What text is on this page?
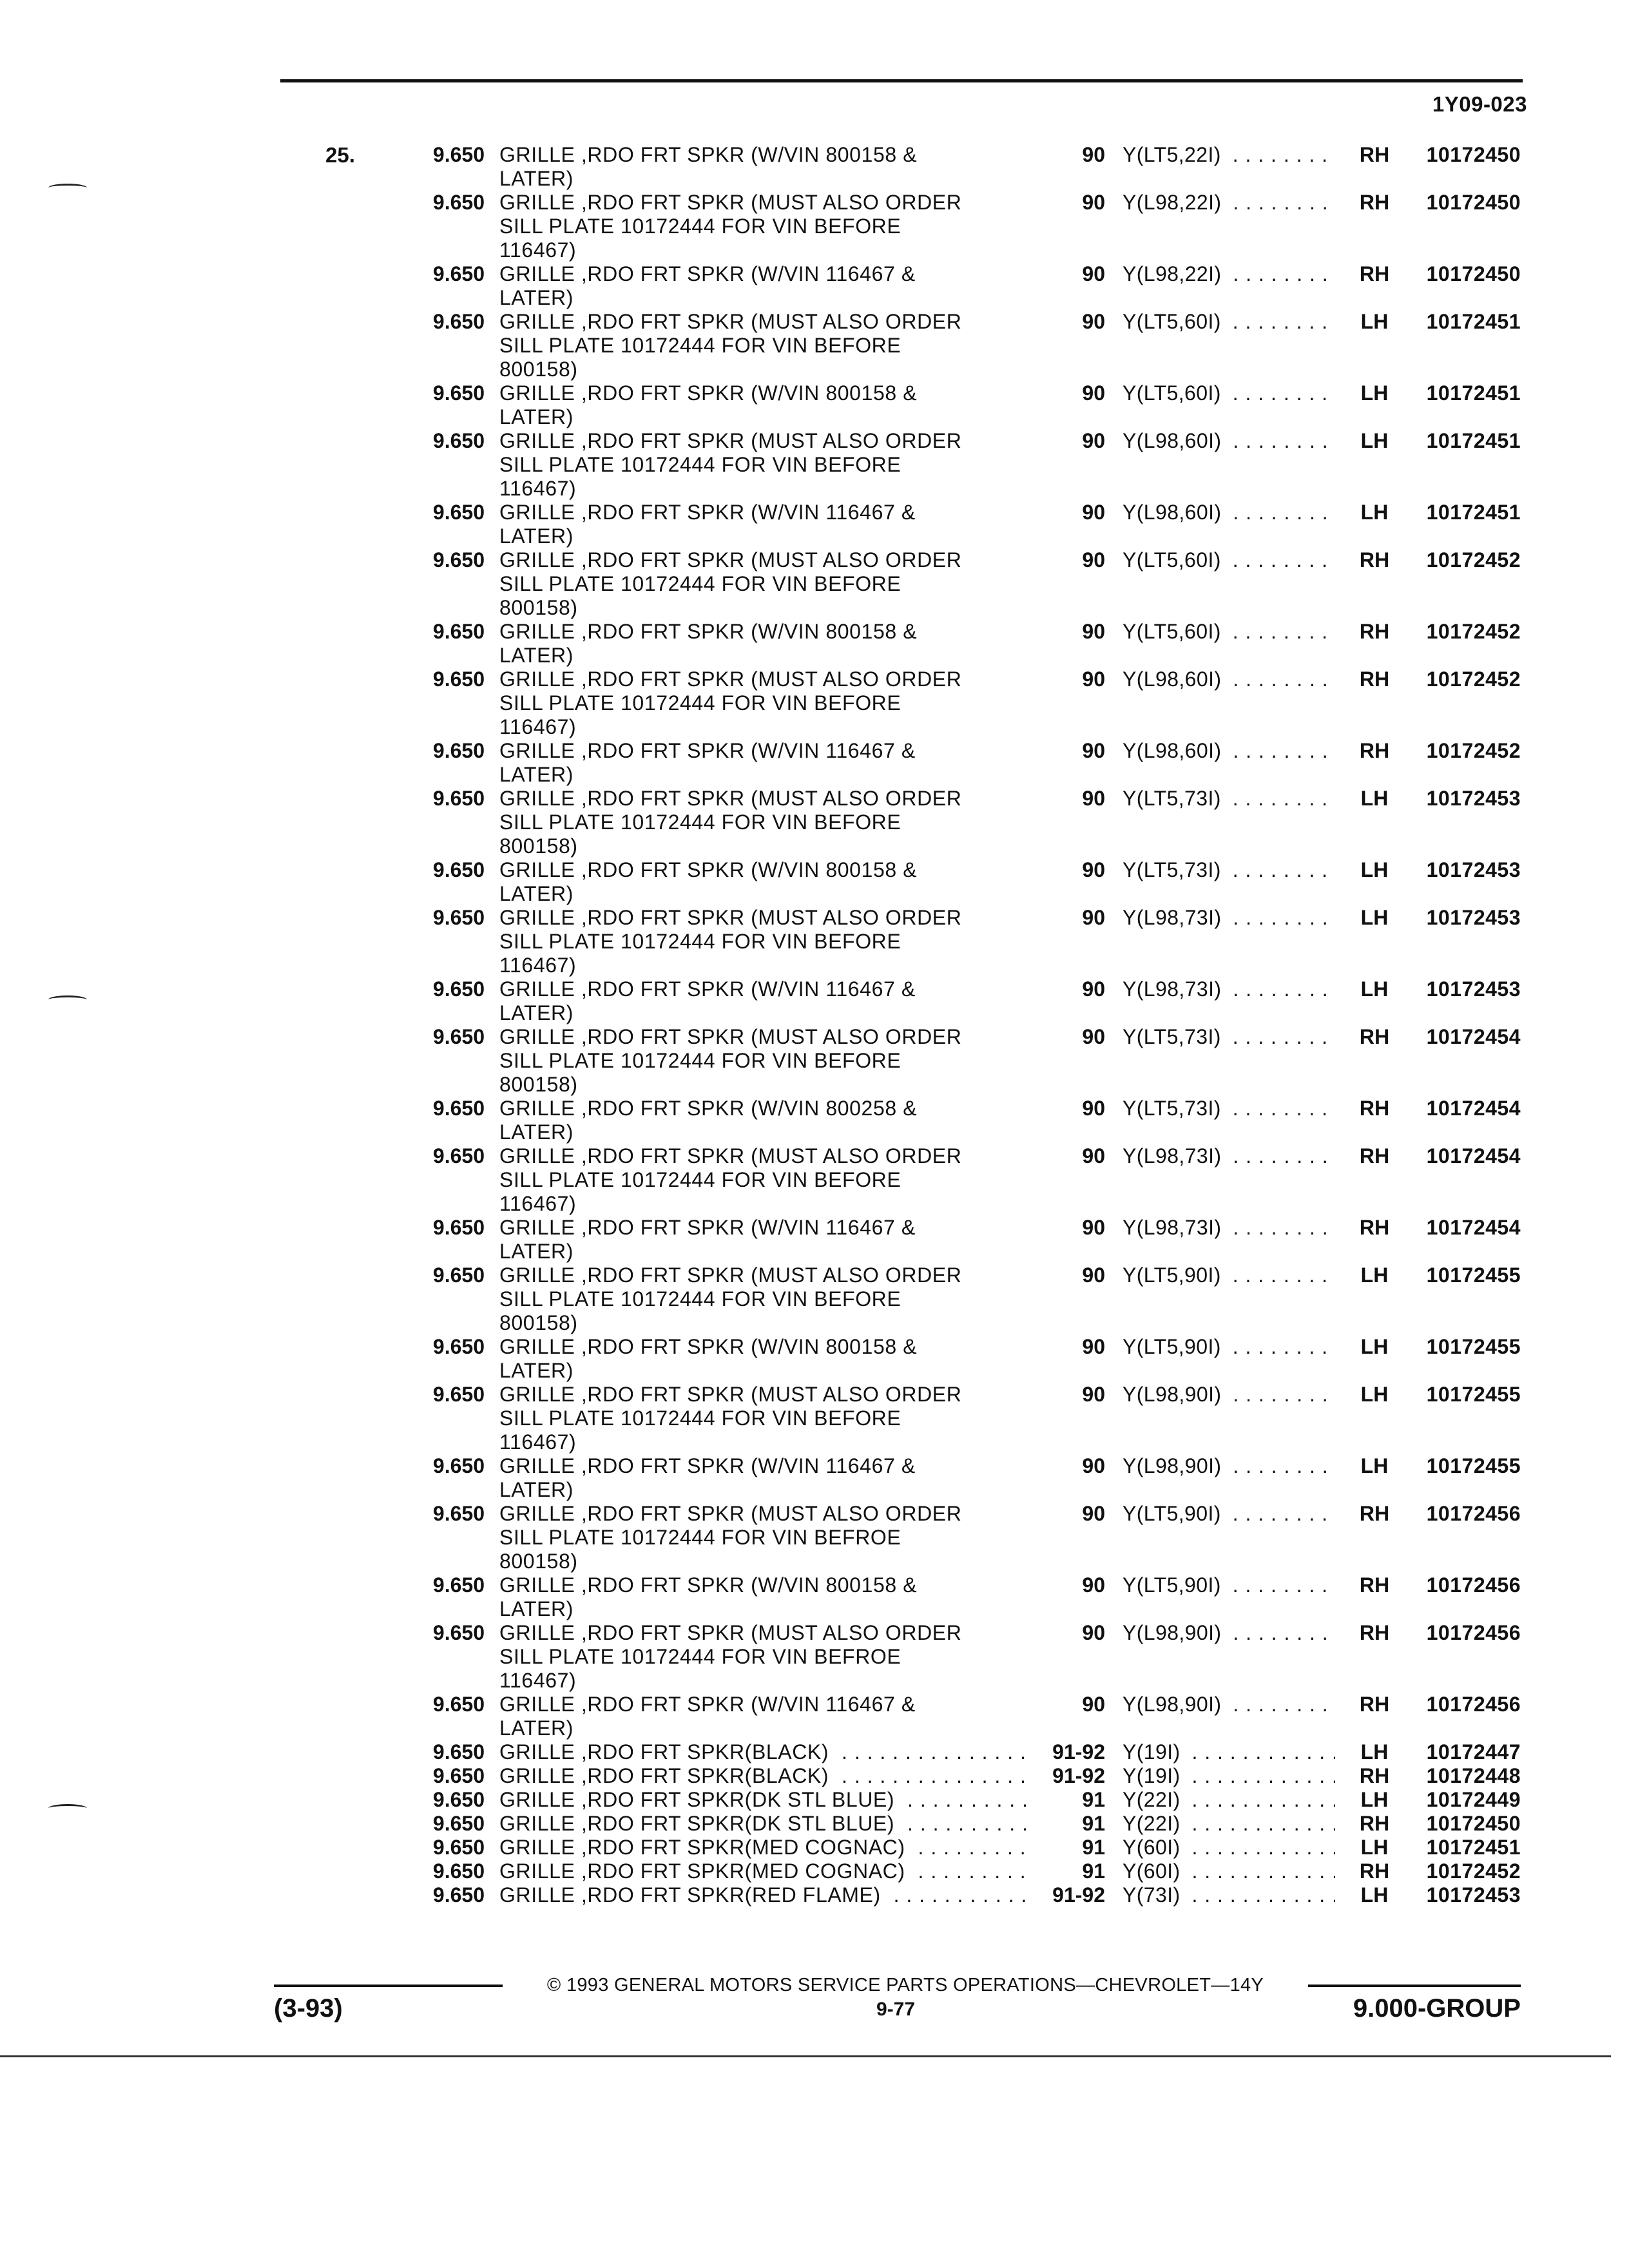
1Y09-023
25.	9.650 GRILLE ,RDO FRT SPKR (W/VIN 800158 &
LATER)
90 Y(LT5,22I) . . .	RH	10172450
9.650 GRILLE ,RDO FRT SPKR (MUST ALSO ORDER
SILL PLATE 10172444 FOR VIN BEFORE
116467)
90 Y(L98,22I) . . .	RH	10172450
9.650 GRILLE ,RDO FRT SPKR (W/VIN 116467 &
LATER)
90 Y(L98,22I) . . .	RH	10172450
9.650 GRILLE ,RDO FRT SPKR (MUST ALSO ORDER
SILL PLATE 10172444 FOR VIN BEFORE
800158)
90 Y(LT5,60I) . . .	LH	10172451
9.650 GRILLE ,RDO FRT SPKR (W/VIN 800158 &
LATER)
90 Y(LT5,60I) . . .	LH	10172451
9.650 GRILLE ,RDO FRT SPKR (MUST ALSO ORDER
SILL PLATE 10172444 FOR VIN BEFORE
116467)
90 Y(L98,60I) . . .	LH	10172451
9.650 GRILLE ,RDO FRT SPKR (W/VIN 116467 &
LATER)
90 Y(L98,60I) . . .	LH	10172451
9.650 GRILLE ,RDO FRT SPKR (MUST ALSO ORDER
SILL PLATE 10172444 FOR VIN BEFORE
800158)
90 Y(LT5,60I) . . .	RH	10172452
9.650 GRILLE ,RDO FRT SPKR (W/VIN 800158 &
LATER)
90 Y(LT5,60I) . . .	RH	10172452
9.650 GRILLE ,RDO FRT SPKR (MUST ALSO ORDER
SILL PLATE 10172444 FOR VIN BEFORE
116467)
90 Y(L98,60I) . . .	RH	10172452
9.650 GRILLE ,RDO FRT SPKR (W/VIN 116467 &
LATER)
90 Y(L98,60I) . . .	RH	10172452
9.650 GRILLE ,RDO FRT SPKR (MUST ALSO ORDER
SILL PLATE 10172444 FOR VIN BEFORE
800158)
90 Y(LT5,73I) . . .	LH	10172453
9.650 GRILLE ,RDO FRT SPKR (W/VIN 800158 &
LATER)
90 Y(LT5,73I) . . .	LH	10172453
9.650 GRILLE ,RDO FRT SPKR (MUST ALSO ORDER
SILL PLATE 10172444 FOR VIN BEFORE
116467)
90 Y(L98,73I) . . .	LH	10172453
9.650 GRILLE ,RDO FRT SPKR (W/VIN 116467 &
LATER)
90 Y(L98,73I) . . .	LH	10172453
9.650 GRILLE ,RDO FRT SPKR (MUST ALSO ORDER
SILL PLATE 10172444 FOR VIN BEFORE
800158)
90 Y(LT5,73I) . . .	RH	10172454
9.650 GRILLE ,RDO FRT SPKR (W/VIN 800258 &
LATER)
90 Y(LT5,73I) . . .	RH	10172454
9.650 GRILLE ,RDO FRT SPKR (MUST ALSO ORDER
SILL PLATE 10172444 FOR VIN BEFORE
116467)
90 Y(L98,73I) . . .	RH	10172454
9.650 GRILLE ,RDO FRT SPKR (W/VIN 116467 &
LATER)
90 Y(L98,73I) . . .	RH	10172454
9.650 GRILLE ,RDO FRT SPKR (MUST ALSO ORDER
SILL PLATE 10172444 FOR VIN BEFORE
800158)
90 Y(LT5,90I) . . .	LH	10172455
9.650 GRILLE ,RDO FRT SPKR (W/VIN 800158 &
LATER)
90 Y(LT5,90I) . . .	LH	10172455
9.650 GRILLE ,RDO FRT SPKR (MUST ALSO ORDER
SILL PLATE 10172444 FOR VIN BEFORE
116467)
90 Y(L98,90I) . . .	LH	10172455
9.650 GRILLE ,RDO FRT SPKR (W/VIN 116467 &
LATER)
90 Y(L98,90I) . . .	LH	10172455
9.650 GRILLE ,RDO FRT SPKR (MUST ALSO ORDER
SILL PLATE 10172444 FOR VIN BEFROE
800158)
90 Y(LT5,90I) . . .	RH	10172456
9.650 GRILLE ,RDO FRT SPKR (W/VIN 800158 &
LATER)
90 Y(LT5,90I) . . .	RH	10172456
9.650 GRILLE ,RDO FRT SPKR (MUST ALSO ORDER
SILL PLATE 10172444 FOR VIN BEFROE
116467)
90 Y(L98,90I) . . .	RH	10172456
9.650 GRILLE ,RDO FRT SPKR (W/VIN 116467 &
LATER)
90 Y(L98,90I) . . .	RH	10172456
9.650 GRILLE ,RDO FRT SPKR(BLACK) . . .	91-92 Y(19I) . . .	LH	10172447
9.650 GRILLE ,RDO FRT SPKR(BLACK) . . .	91-92 Y(19I) . . .	RH	10172448
9.650 GRILLE ,RDO FRT SPKR(DK STL BLUE) . . .	91 Y(22I) . . .	LH	10172449
9.650 GRILLE ,RDO FRT SPKR(DK STL BLUE) . . .	91 Y(22I) . . .	RH	10172450
9.650 GRILLE ,RDO FRT SPKR(MED COGNAC) . . .	91 Y(60I) . . .	LH	10172451
9.650 GRILLE ,RDO FRT SPKR(MED COGNAC) . . .	91 Y(60I) . . .	RH	10172452
9.650 GRILLE ,RDO FRT SPKR(RED FLAME) . . .	91-92 Y(73I) . . .	LH	10172453
© 1993 GENERAL MOTORS SERVICE PARTS OPERATIONS—CHEVROLET—14Y
(3-93)	9-77	9.000-GROUP
